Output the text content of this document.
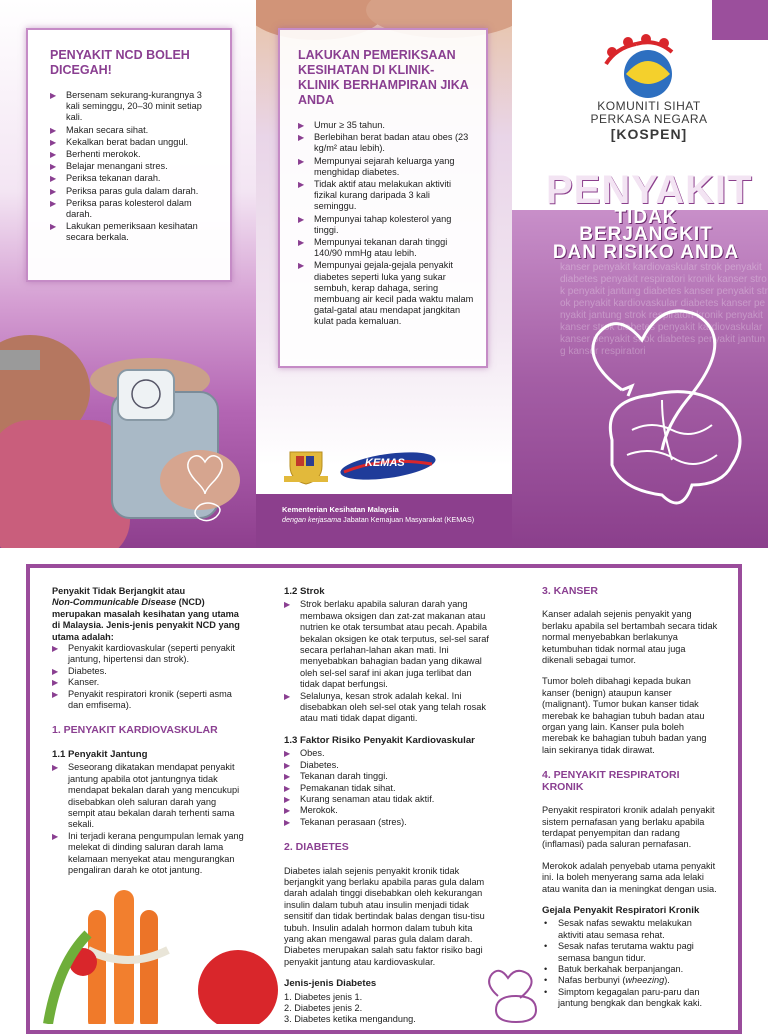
PENYAKIT NCD BOLEH DICEGAH!
▶ Bersenam sekurang-kurangnya 3 kali seminggu, 20–30 minit setiap kali.
▶ Makan secara sihat.
▶ Kekalkan berat badan unggul.
▶ Berhenti merokok.
▶ Belajar menangani stres.
▶ Periksa tekanan darah.
▶ Periksa paras gula dalam darah.
▶ Periksa paras kolesterol dalam darah.
▶ Lakukan pemeriksaan kesihatan secara berkala.
LAKUKAN PEMERIKSAAN KESIHATAN DI KLINIK-KLINIK BERHAMPIRAN JIKA ANDA
▶ Umur ≥ 35 tahun.
▶ Berlebihan berat badan atau obes (23 kg/m² atau lebih).
▶ Mempunyai sejarah keluarga yang menghidap diabetes.
▶ Tidak aktif atau melakukan aktiviti fizikal kurang daripada 3 kali seminggu.
▶ Mempunyai tahap kolesterol yang tinggi.
▶ Mempunyai tekanan darah tinggi 140/90 mmHg atau lebih.
▶ Mempunyai gejala-gejala penyakit diabetes seperti luka yang sukar sembuh, kerap dahaga, sering membuang air kecil pada waktu malam gatal-gatal atau mendapat jangkitan kulat pada kemaluan.
KEMAS
Kementerian Kesihatan Malaysia
dengan kerjasama Jabatan Kemajuan Masyarakat (KEMAS)
kanser penyakit kardiovaskular strok penyakit diabetes penyakit respiratori kronik kanser strok penyakit jantung diabetes kanser penyakit strok penyakit kardiovaskular diabetes kanser penyakit jantung strok respiratori kronik penyakit kanser strok diabetes penyakit kardiovaskular kanser penyakit strok diabetes penyakit jantung kanser respiratori
KOMUNITI SIHAT
PERKASA NEGARA
[KOSPEN]
PENYAKIT
TIDAK BERJANGKIT
DAN RISIKO ANDA
Penyakit Tidak Berjangkit atau
Non-Communicable Disease (NCD) merupakan masalah kesihatan yang utama di Malaysia. Jenis-jenis penyakit NCD yang utama adalah:
▶ Penyakit kardiovaskular (seperti penyakit jantung, hipertensi dan strok).
▶ Diabetes.
▶ Kanser.
▶ Penyakit respiratori kronik (seperti asma dan emfisema).
1. PENYAKIT KARDIOVASKULAR
1.1 Penyakit Jantung
▶ Seseorang dikatakan mendapat penyakit jantung apabila otot jantungnya tidak mendapat bekalan darah yang mencukupi disebabkan oleh saluran darah yang sempit atau bekalan darah terhenti sama sekali.
▶ Ini terjadi kerana pengumpulan lemak yang melekat di dinding saluran darah lama kelamaan menyekat atau mengurangkan pengaliran darah ke otot jantung.
1.2 Strok
▶ Strok berlaku apabila saluran darah yang membawa oksigen dan zat-zat makanan atau nutrien ke otak tersumbat atau pecah. Apabila bekalan oksigen ke otak terputus, sel-sel saraf secara perlahan-lahan akan mati. Ini menyebabkan bahagian badan yang dikawal oleh sel-sel saraf ini akan juga terlibat dan tidak dapat berfungsi.
▶ Selalunya, kesan strok adalah kekal. Ini disebabkan oleh sel-sel otak yang telah rosak atau mati tidak dapat diganti.
1.3 Faktor Risiko Penyakit Kardiovaskular
▶ Obes.
▶ Diabetes.
▶ Tekanan darah tinggi.
▶ Pemakanan tidak sihat.
▶ Kurang senaman atau tidak aktif.
▶ Merokok.
▶ Tekanan perasaan (stres).
2. DIABETES

Diabetes ialah sejenis penyakit kronik tidak berjangkit yang berlaku apabila paras gula dalam darah adalah tinggi disebabkan oleh kekurangan insulin dalam tubuh atau insulin menjadi tidak sensitif dan tidak bertindak balas dengan tisu-tisu tubuh. Insulin adalah hormon dalam tubuh kita yang akan mengawal paras gula dalam darah. Diabetes merupakan salah satu faktor risiko bagi penyakit jantung atau kardiovaskular.

Jenis-jenis Diabetes
1. Diabetes jenis 1.
2. Diabetes jenis 2.
3. Diabetes ketika mengandung.
3. KANSER

Kanser adalah sejenis penyakit yang berlaku apabila sel bertambah secara tidak normal menyebabkan berlakunya ketumbuhan tidak normal atau juga dikenali sebagai tumor.

Tumor boleh dibahagi kepada bukan kanser (benign) ataupun kanser (malignant). Tumor bukan kanser tidak merebak ke bahagian tubuh badan atau organ yang lain. Kanser pula boleh merebak ke bahagian tubuh badan yang lain sekiranya tidak dirawat.

4. PENYAKIT RESPIRATORI KRONIK

Penyakit respiratori kronik adalah penyakit sistem pernafasan yang berlaku apabila terdapat penyempitan dan radang (inflamasi) pada saluran pernafasan.

Merokok adalah penyebab utama penyakit ini. Ia boleh menyerang sama ada lelaki atau wanita dan ia meningkat dengan usia.

Gejala Penyakit Respiratori Kronik
• Sesak nafas sewaktu melakukan aktiviti atau semasa rehat.
• Sesak nafas terutama waktu pagi semasa bangun tidur.
• Batuk berkahak berpanjangan.
• Nafas berbunyi (wheezing).
• Simptom kegagalan paru-paru dan jantung bengkak dan bengkak kaki.
